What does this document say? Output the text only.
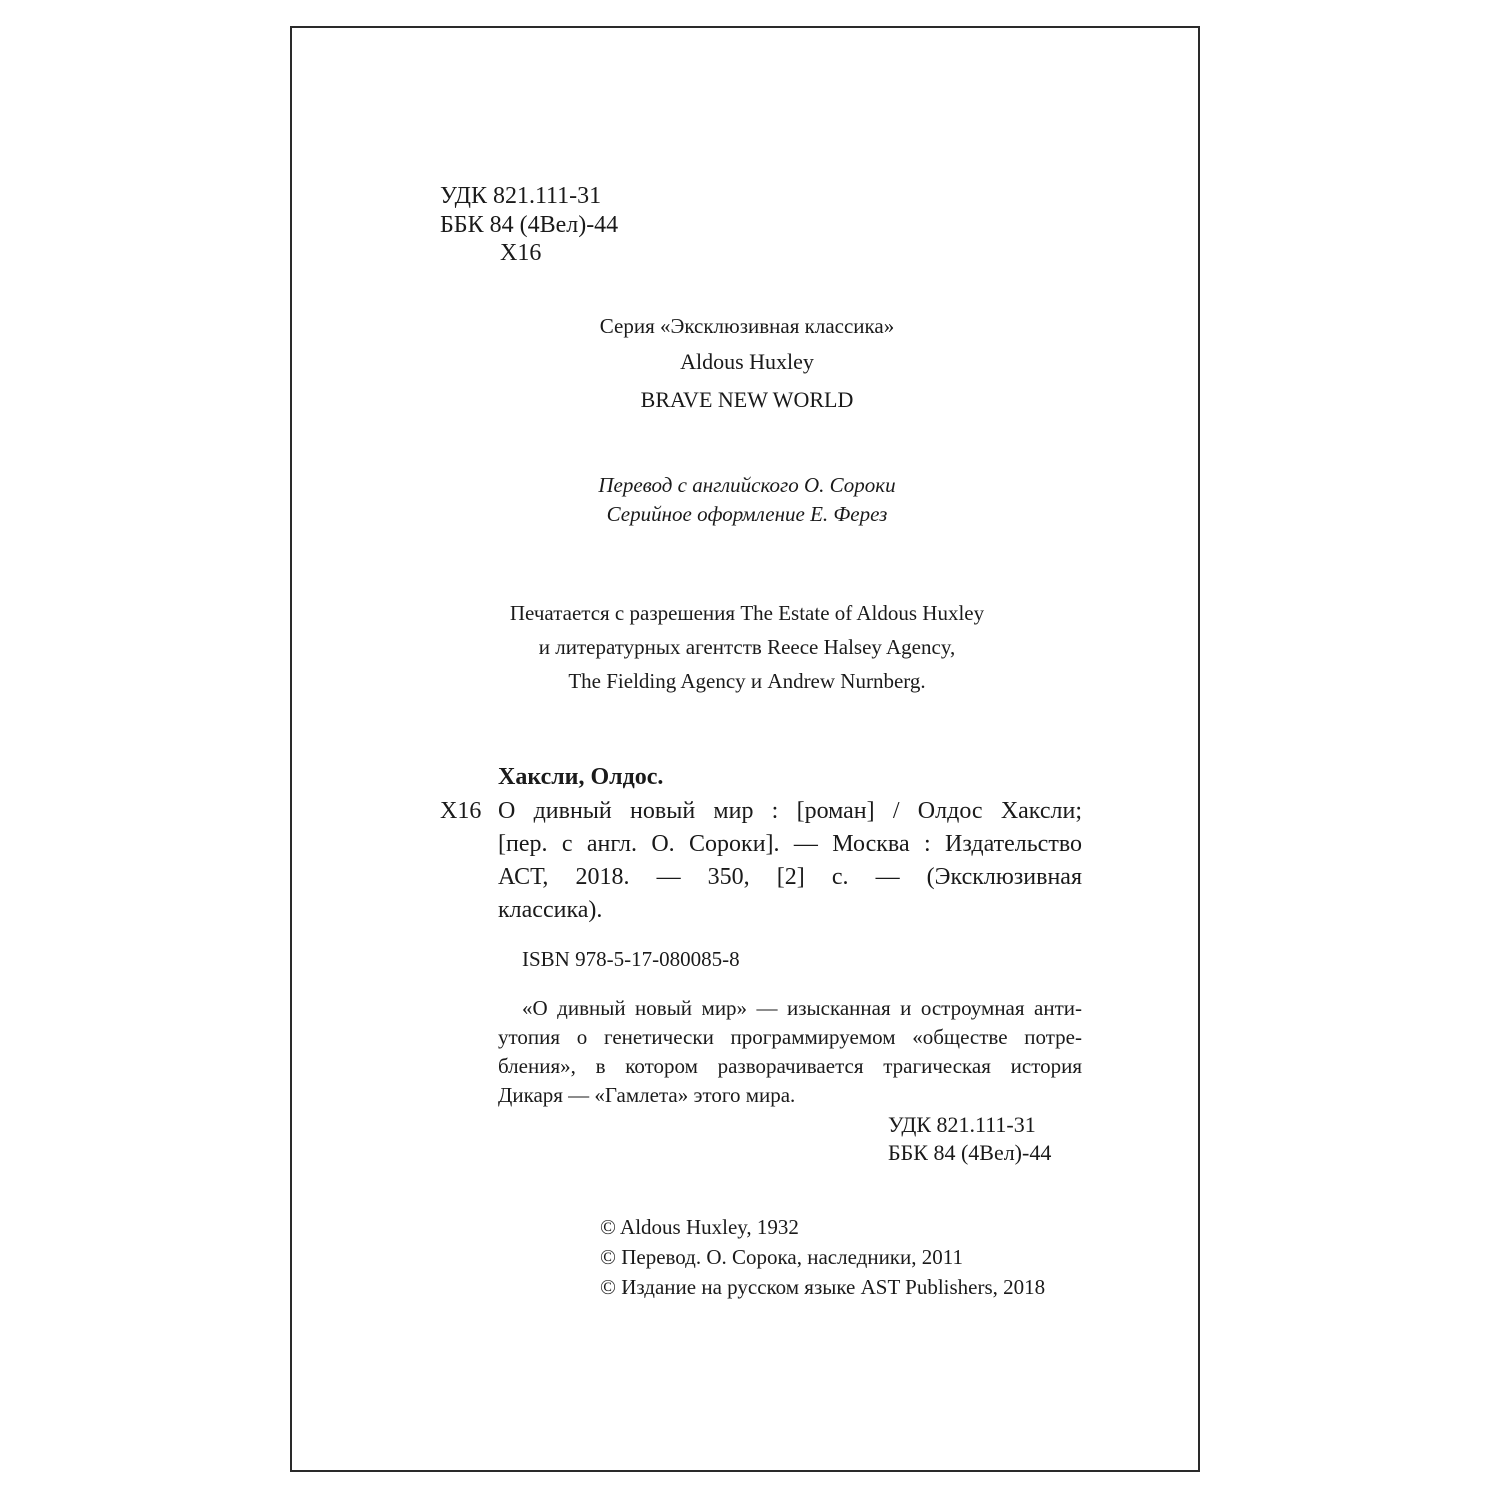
УДК 821.111-31
ББК 84 (4Вел)-44
Х16
Серия «Эксклюзивная классика»
Aldous Huxley
BRAVE NEW WORLD
Перевод с английского О. Сороки
Серийное оформление Е. Ферез
Печатается с разрешения The Estate of Aldous Huxley
и литературных агентств Reece Halsey Agency,
The Fielding Agency и Andrew Nurnberg.
Хаксли, Олдос.
Х16 О дивный новый мир : [роман] / Олдос Хаксли;
[пер. с англ. О. Сороки]. — Москва : Издательство
АСТ, 2018. — 350, [2] с. — (Эксклюзивная
классика).
ISBN 978-5-17-080085-8
«О дивный новый мир» — изысканная и остроумная анти-
утопия о генетически программируемом «обществе потре-
бления», в котором разворачивается трагическая история
Дикаря — «Гамлета» этого мира.
УДК 821.111-31
ББК 84 (4Вел)-44
© Aldous Huxley, 1932
© Перевод. О. Сорока, наследники, 2011
© Издание на русском языке AST Publishers, 2018
